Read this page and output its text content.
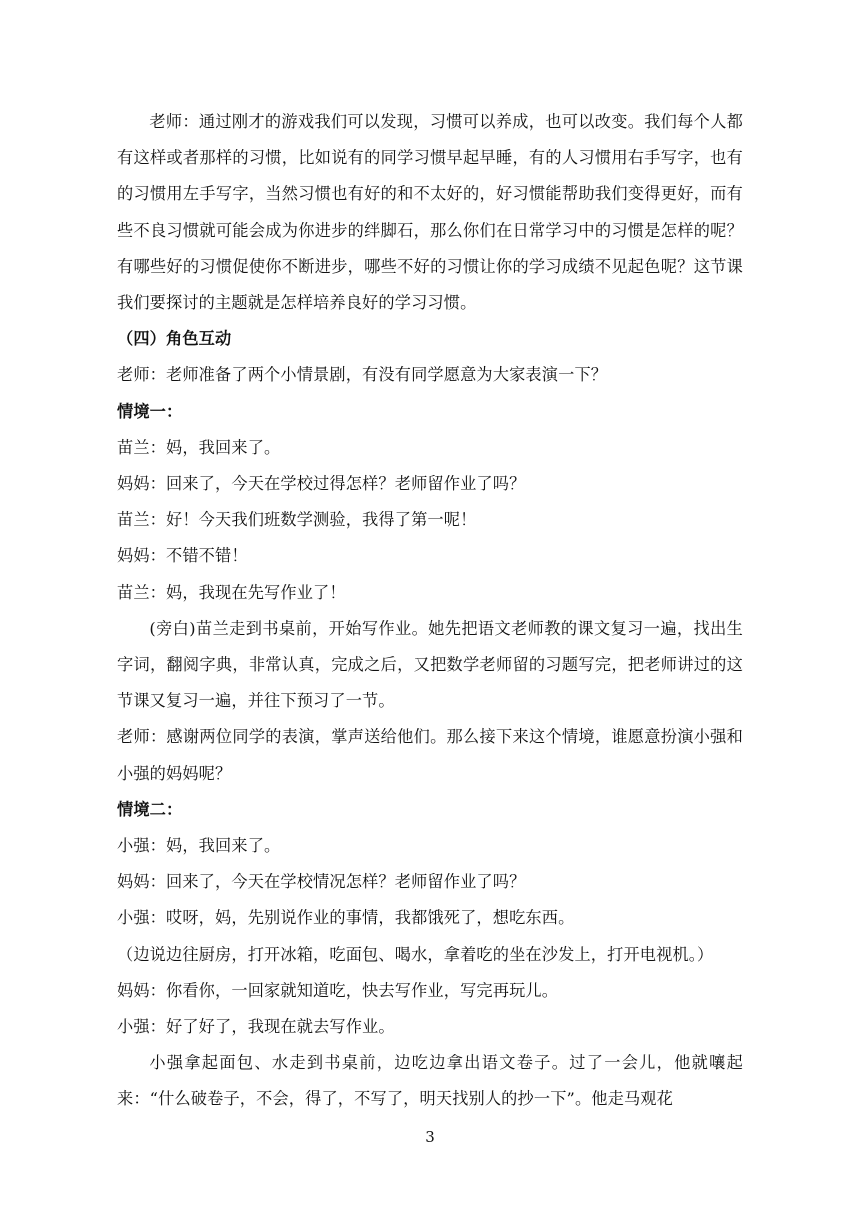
老师：通过刚才的游戏我们可以发现，习惯可以养成，也可以改变。我们每个人都有这样或者那样的习惯，比如说有的同学习惯早起早睡，有的人习惯用右手写字，也有的习惯用左手写字，当然习惯也有好的和不太好的，好习惯能帮助我们变得更好，而有些不良习惯就可能会成为你进步的绊脚石，那么你们在日常学习中的习惯是怎样的呢？有哪些好的习惯促使你不断进步，哪些不好的习惯让你的学习成绩不见起色呢？这节课我们要探讨的主题就是怎样培养良好的学习习惯。

（四）角色互动

老师：老师准备了两个小情景剧，有没有同学愿意为大家表演一下？

情境一：

苗兰：妈，我回来了。

妈妈：回来了，今天在学校过得怎样？老师留作业了吗？

苗兰：好！今天我们班数学测验，我得了第一呢！

妈妈：不错不错！

苗兰：妈，我现在先写作业了！

(旁白)苗兰走到书桌前，开始写作业。她先把语文老师教的课文复习一遍，找出生字词，翻阅字典，非常认真，完成之后，又把数学老师留的习题写完，把老师讲过的这节课又复习一遍，并往下预习了一节。

老师：感谢两位同学的表演，掌声送给他们。那么接下来这个情境，谁愿意扮演小强和小强的妈妈呢？

情境二：

小强：妈，我回来了。

妈妈：回来了，今天在学校情况怎样？老师留作业了吗？

小强：哎呀，妈，先别说作业的事情，我都饿死了，想吃东西。

（边说边往厨房，打开冰箱，吃面包、喝水，拿着吃的坐在沙发上，打开电视机。）

妈妈：你看你，一回家就知道吃，快去写作业，写完再玩儿。

小强：好了好了，我现在就去写作业。

小强拿起面包、水走到书桌前，边吃边拿出语文卷子。过了一会儿，他就嚷起来：“什么破卷子，不会，得了，不写了，明天找别人的抄一下”。他走马观花

3
